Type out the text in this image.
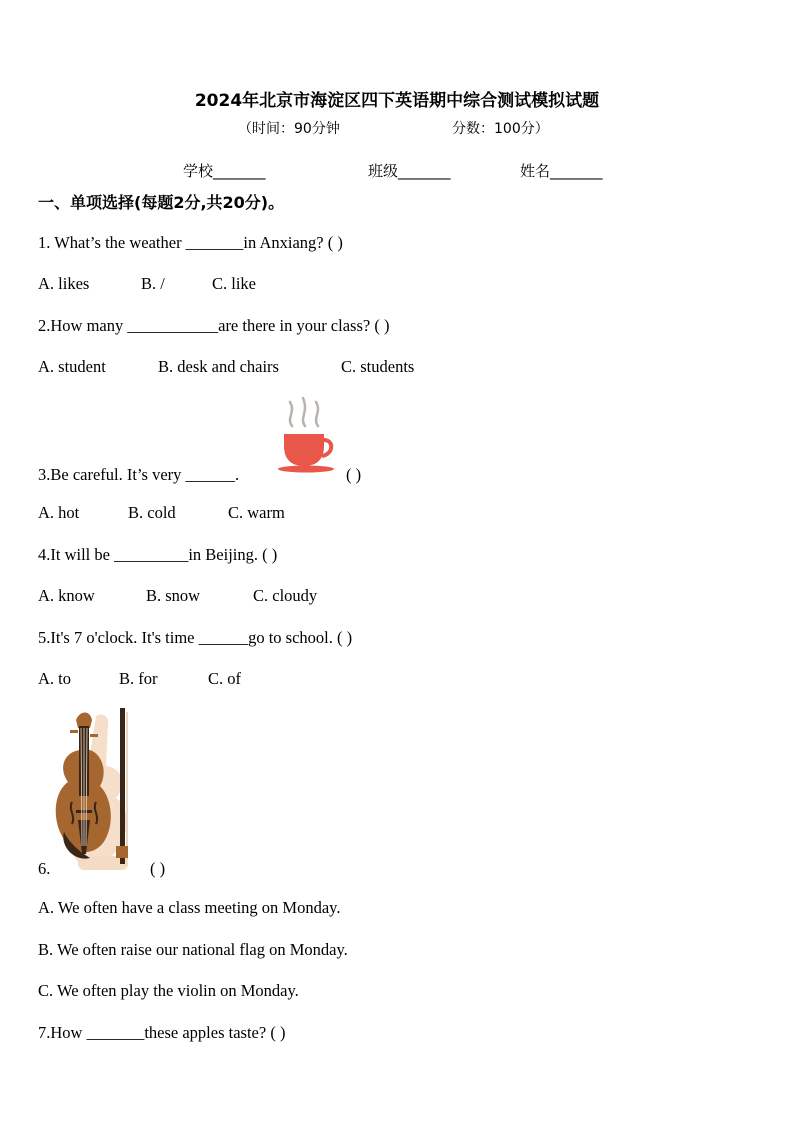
2024年北京市海淀区四下英语期中综合测试模拟试题
（时间：90分钟	分数：100分）
学校_______	班级_______	姓名_______
一、单项选择(每题2分,共20分)。
1. What’s the weather _______in Anxiang? ( )
A. likes	B. /	C. like
2.How many ___________are there in your class? ( )
A. student	B. desk and chairs	C. students
3.Be careful. It’s very ______.	( )
A. hot	B. cold	C. warm
4.It will be _________in Beijing. ( )
A. know	B. snow	C. cloudy
5.It's 7 o'clock. It's time ______go to school. ( )
A. to	B. for	C. of
6.	( )
A. We often have a class meeting on Monday.
B. We often raise our national flag on Monday.
C. We often play the violin on Monday.
7.How _______these apples taste? ( )
